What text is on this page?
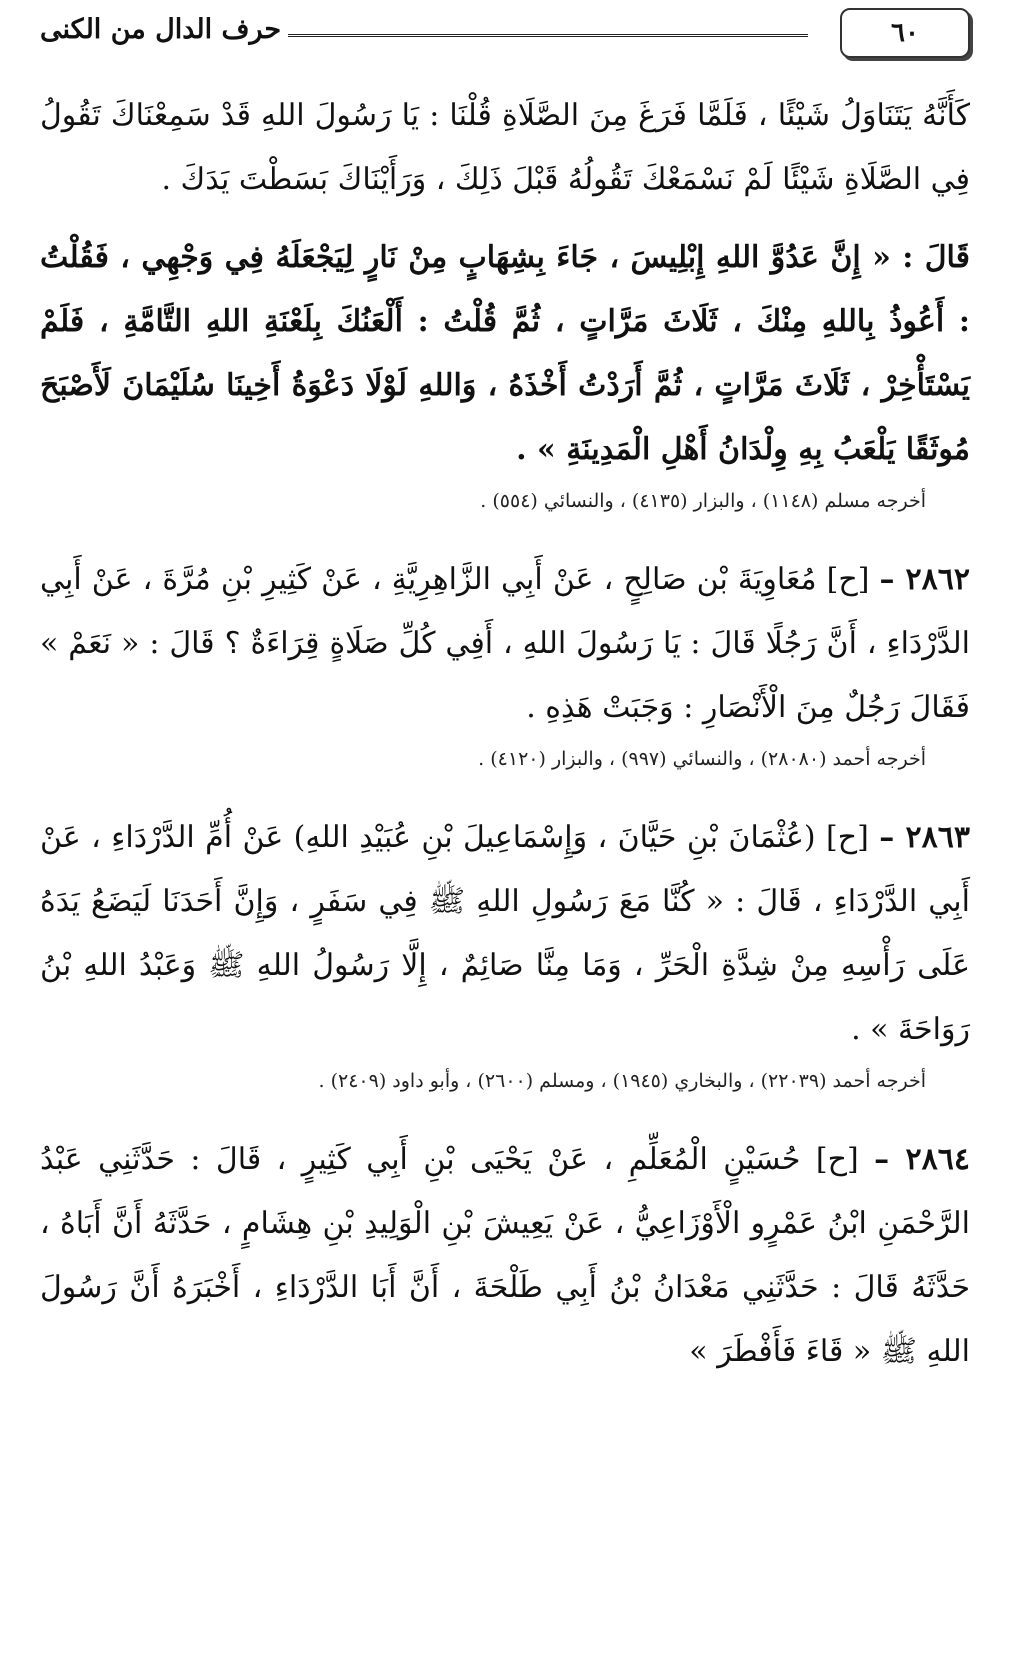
٦٠
حرف الدال من الكنى

كَأَنَّهُ يَتَنَاوَلُ شَيْئًا ، فَلَمَّا فَرَغَ مِنَ الصَّلَاةِ قُلْنَا : يَا رَسُولَ اللهِ قَدْ سَمِعْنَاكَ تَقُولُ فِي الصَّلَاةِ شَيْئًا لَمْ نَسْمَعْكَ تَقُولُهُ قَبْلَ ذَلِكَ ، وَرَأَيْنَاكَ بَسَطْتَ يَدَكَ .

قَالَ : « إِنَّ عَدُوَّ اللهِ إِبْلِيسَ ، جَاءَ بِشِهَابٍ مِنْ نَارٍ لِيَجْعَلَهُ فِي وَجْهِي ، فَقُلْتُ : أَعُوذُ بِاللهِ مِنْكَ ، ثَلَاثَ مَرَّاتٍ ، ثُمَّ قُلْتُ : أَلْعَنُكَ بِلَعْنَةِ اللهِ التَّامَّةِ ، فَلَمْ يَسْتَأْخِرْ ، ثَلَاثَ مَرَّاتٍ ، ثُمَّ أَرَدْتُ أَخْذَهُ ، وَاللهِ لَوْلَا دَعْوَةُ أَخِينَا سُلَيْمَانَ لَأَصْبَحَ مُوثَقًا يَلْعَبُ بِهِ وِلْدَانُ أَهْلِ الْمَدِينَةِ » .

أخرجه مسلم (١١٤٨) ، والبزار (٤١٣٥) ، والنسائي (٥٥٤) .

٢٨٦٢ – [ح] مُعَاوِيَةَ بْن صَالِحٍ ، عَنْ أَبِي الزَّاهِرِيَّةِ ، عَنْ كَثِيرِ بْنِ مُرَّةَ ، عَنْ أَبِي الدَّرْدَاءِ ، أَنَّ رَجُلًا قَالَ : يَا رَسُولَ اللهِ ، أَفِي كُلِّ صَلَاةٍ قِرَاءَةٌ ؟ قَالَ : « نَعَمْ » فَقَالَ رَجُلٌ مِنَ الْأَنْصَارِ : وَجَبَتْ هَذِهِ .

أخرجه أحمد (٢٨٠٨٠) ، والنسائي (٩٩٧) ، والبزار (٤١٢٠) .

٢٨٦٣ – [ح] (عُثْمَانَ بْنِ حَيَّانَ ، وَإِسْمَاعِيلَ بْنِ عُبَيْدِ اللهِ) عَنْ أُمِّ الدَّرْدَاءِ ، عَنْ أَبِي الدَّرْدَاءِ ، قَالَ : « كُنَّا مَعَ رَسُولِ اللهِ ﷺ فِي سَفَرٍ ، وَإِنَّ أَحَدَنَا لَيَضَعُ يَدَهُ عَلَى رَأْسِهِ مِنْ شِدَّةِ الْحَرِّ ، وَمَا مِنَّا صَائِمٌ ، إِلَّا رَسُولُ اللهِ ﷺ وَعَبْدُ اللهِ بْنُ رَوَاحَةَ » .

أخرجه أحمد (٢٢٠٣٩) ، والبخاري (١٩٤٥) ، ومسلم (٢٦٠٠) ، وأبو داود (٢٤٠٩) .

٢٨٦٤ – [ح] حُسَيْنٍ الْمُعَلِّمِ ، عَنْ يَحْيَى بْنِ أَبِي كَثِيرٍ ، قَالَ : حَدَّثَنِي عَبْدُ الرَّحْمَنِ ابْنُ عَمْرٍو الْأَوْزَاعِيُّ ، عَنْ يَعِيشَ بْنِ الْوَلِيدِ بْنِ هِشَامٍ ، حَدَّثَهُ أَنَّ أَبَاهُ ، حَدَّثَهُ قَالَ : حَدَّثَنِي مَعْدَانُ بْنُ أَبِي طَلْحَةَ ، أَنَّ أَبَا الدَّرْدَاءِ ، أَخْبَرَهُ أَنَّ رَسُولَ اللهِ ﷺ « قَاءَ فَأَفْطَرَ »
